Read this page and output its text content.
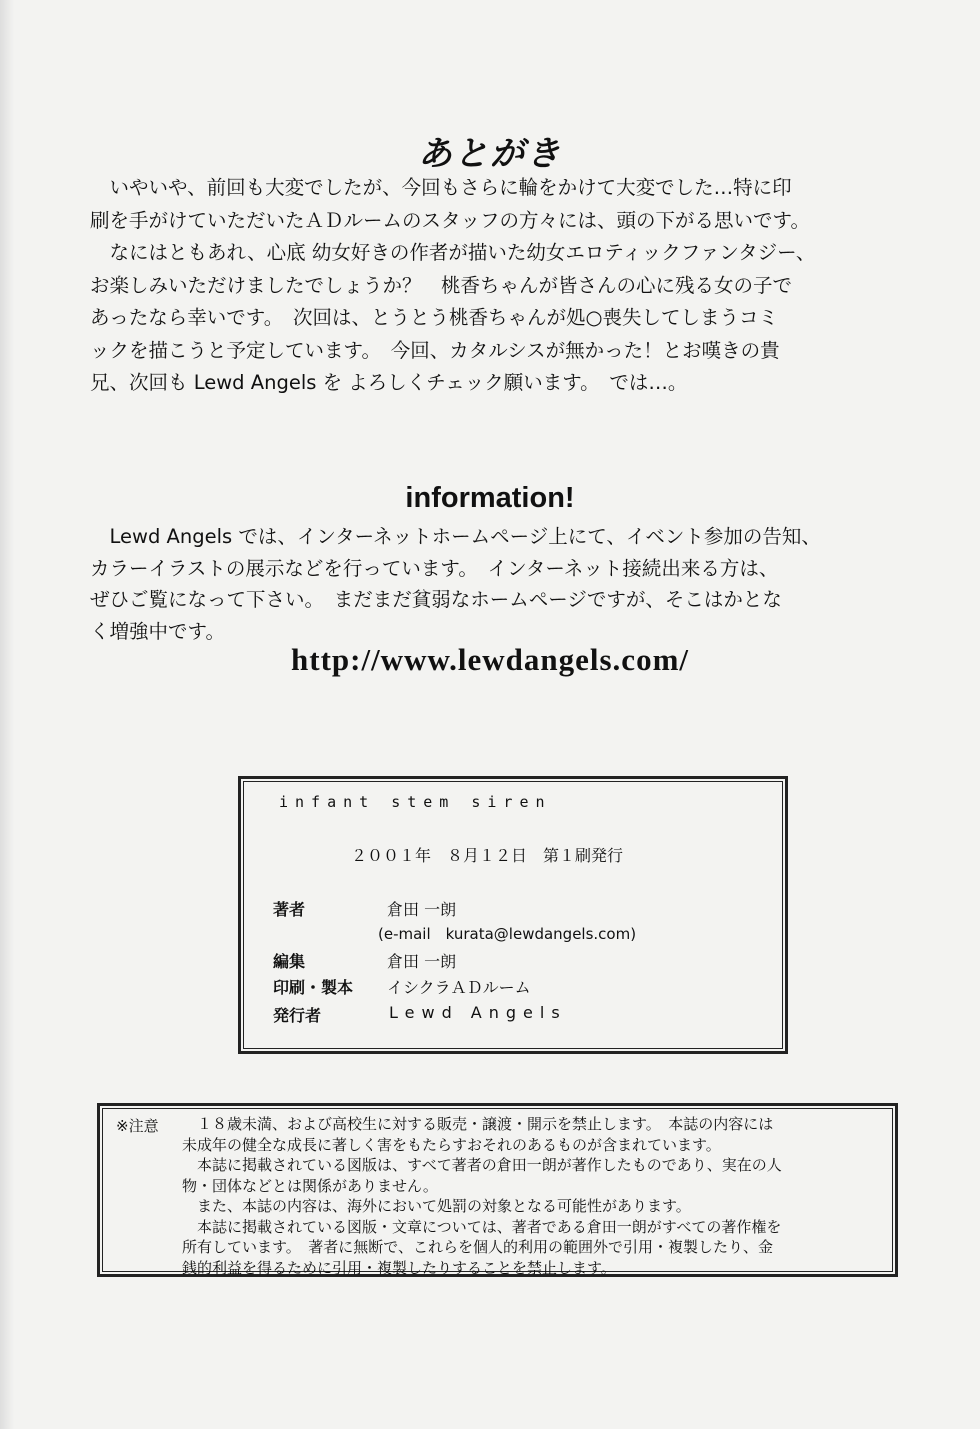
あとがき
　いやいや、前回も大変でしたが、今回もさらに輪をかけて大変でした…特に印
刷を手がけていただいたＡＤルームのスタッフの方々には、頭の下がる思いです。
　なにはともあれ、心底 幼女好きの作者が描いた幼女エロティックファンタジー、
お楽しみいただけましたでしょうか？　桃香ちゃんが皆さんの心に残る女の子で
あったなら幸いです。　次回は、とうとう桃香ちゃんが処○喪失してしまうコミ
ックを描こうと予定しています。　今回、カタルシスが無かった！とお嘆きの貴
兄、次回も Lewd Angels を よろしくチェック願います。　では…。
information!
　Lewd Angels では、インターネットホームページ上にて、イベント参加の告知、
カラーイラストの展示などを行っています。　インターネット接続出来る方は、
ぜひご覧になって下さい。　まだまだ貧弱なホームページですが、そこはかとな
く増強中です。
http://www.lewdangels.com/
infant stem siren
２００１年　８月１２日　第１刷発行
著者	倉田 一朗
(e-mail　kurata@lewdangels.com)
編集	倉田 一朗
印刷・製本 イシクラＡＤルーム
発行者	Lewd Angels
※注意 　１８歳未満、および高校生に対する販売・譲渡・開示を禁止します。　本誌の内容には
未成年の健全な成長に著しく害をもたらすおそれのあるものが含まれています。
　本誌に掲載されている図版は、すべて著者の倉田一朗が著作したものであり、実在の人
物・団体などとは関係がありません。
　また、本誌の内容は、海外において処罰の対象となる可能性があります。
　本誌に掲載されている図版・文章については、著者である倉田一朗がすべての著作権を
所有しています。　著者に無断で、これらを個人的利用の範囲外で引用・複製したり、金
銭的利益を得るために引用・複製したりすることを禁止します。
